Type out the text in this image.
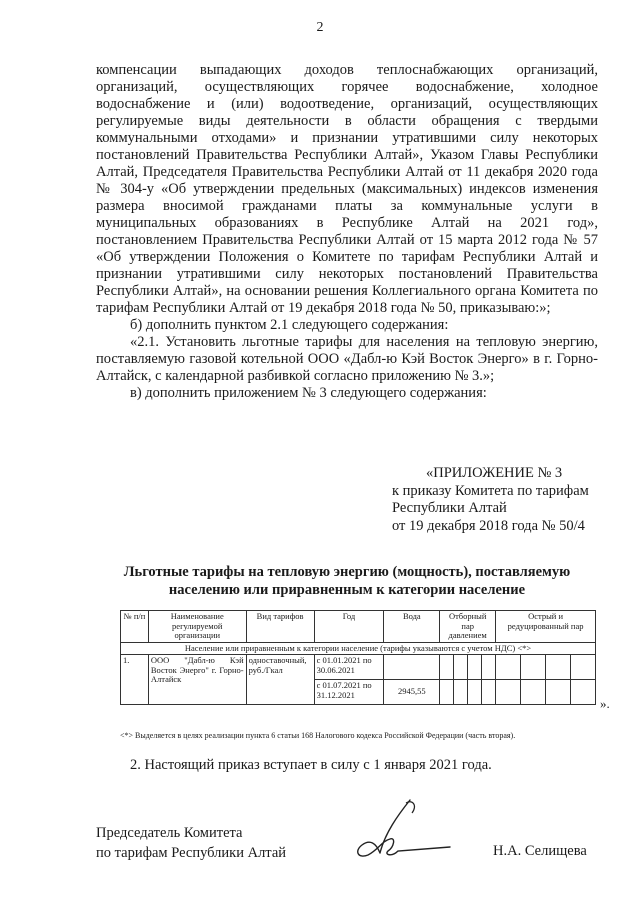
2

компенсации выпадающих доходов теплоснабжающих организаций, организаций, осуществляющих горячее водоснабжение, холодное водоснабжение и (или) водоотведение, организаций, осуществляющих регулируемые виды деятельности в области обращения с твердыми коммунальными отходами» и признании утратившими силу некоторых постановлений Правительства Республики Алтай», Указом Главы Республики Алтай, Председателя Правительства Республики Алтай от 11 декабря 2020 года № 304-у «Об утверждении предельных (максимальных) индексов изменения размера вносимой гражданами платы за коммунальные услуги в муниципальных образованиях в Республике Алтай на 2021 год», постановлением Правительства Республики Алтай от 15 марта 2012 года № 57 «Об утверждении Положения о Комитете по тарифам Республики Алтай и признании утратившими силу некоторых постановлений Правительства Республики Алтай», на основании решения Коллегиального органа Комитета по тарифам Республики Алтай от 19 декабря 2018 года № 50, приказываю:»;

б) дополнить пунктом 2.1 следующего содержания:

«2.1. Установить льготные тарифы для населения на тепловую энергию, поставляемую газовой котельной ООО «Дабл-ю Кэй Восток Энерго» в г. Горно-Алтайск, с календарной разбивкой согласно приложению № 3.»;

в) дополнить приложением № 3 следующего содержания:

«ПРИЛОЖЕНИЕ № 3
к приказу Комитета по тарифам
Республики Алтай
от 19 декабря 2018 года № 50/4
Льготные тарифы на тепловую энергию (мощность), поставляемую населению или приравненным к категории население
№ п/п	Наименование регулируемой организации	Вид тарифов	Год	Вода	Отборный пар давлением				Острый и редуцированный пар			
Население или приравненным к категории население (тарифы указываются с учетом НДС) <*>												
1.	ООО "Дабл-ю Кэй Восток Энерго" г. Горно-Алтайск	одноставочный, руб./Гкал	с 01.01.2021 по 30.06.2021									
			с 01.07.2021 по 31.12.2021	2945,55								
».
<*> Выделяется в целях реализации пункта 6 статьи 168 Налогового кодекса Российской Федерации (часть вторая).
2. Настоящий приказ вступает в силу с 1 января 2021 года.
Председатель Комитета
по тарифам Республики Алтай	Н.А. Селищева
